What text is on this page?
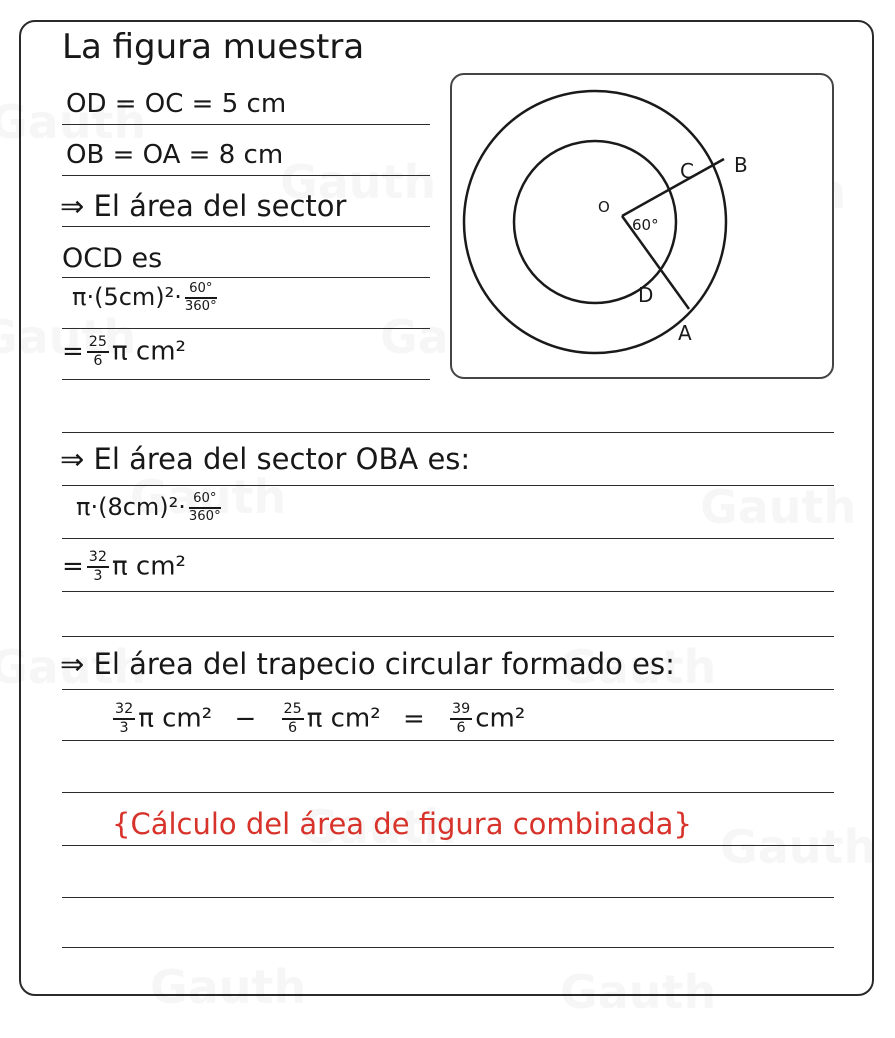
La figura muestra
OD = OC = 5 cm
OB = OA = 8 cm
⇒ El área del sector
OCD es
$\pi\cdot(5cm)^2\cdot \frac{60^\circ}{360^\circ}$
= $\frac{25}{6}$ π cm²
O
C B
D
A
60°
⇒ El área del sector OBA es:
$\pi\cdot(8cm)^2\cdot \frac{60^\circ}{360^\circ}$
= $\frac{32}{3}$ π cm²
⇒ El área del trapecio circular formado es:
$\frac{32}{3}$ π $cm^2 - \frac{25}{6}$ π $cm^2 = \frac{39}{6} cm^2$
{Cálculo del área de figura combinada}
